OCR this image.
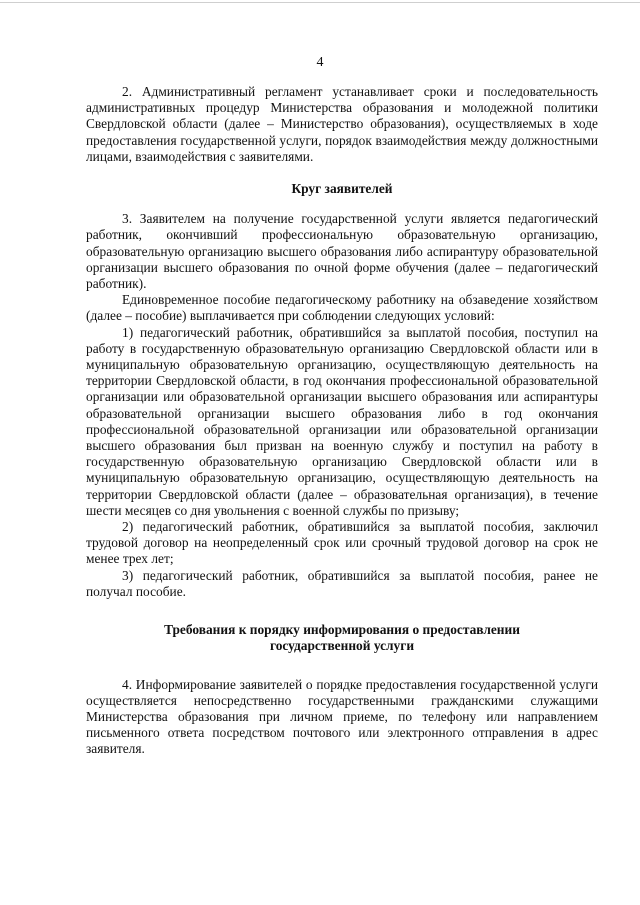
4

2. Административный регламент устанавливает сроки и последовательность административных процедур Министерства образования и молодежной политики Свердловской области (далее – Министерство образования), осуществляемых в ходе предоставления государственной услуги, порядок взаимодействия между должностными лицами, взаимодействия с заявителями.

Круг заявителей

3. Заявителем на получение государственной услуги является педагогический работник, окончивший профессиональную образовательную организацию, образовательную организацию высшего образования либо аспирантуру образовательной организации высшего образования по очной форме обучения (далее – педагогический работник).

Единовременное пособие педагогическому работнику на обзаведение хозяйством (далее – пособие) выплачивается при соблюдении следующих условий:

1) педагогический работник, обратившийся за выплатой пособия, поступил на работу в государственную образовательную организацию Свердловской области или в муниципальную образовательную организацию, осуществляющую деятельность на территории Свердловской области, в год окончания профессиональной образовательной организации или образовательной организации высшего образования или аспирантуры образовательной организации высшего образования либо в год окончания профессиональной образовательной организации или образовательной организации высшего образования был призван на военную службу и поступил на работу в государственную образовательную организацию Свердловской области или в муниципальную образовательную организацию, осуществляющую деятельность на территории Свердловской области (далее – образовательная организация), в течение шести месяцев со дня увольнения с военной службы по призыву;

2) педагогический работник, обратившийся за выплатой пособия, заключил трудовой договор на неопределенный срок или срочный трудовой договор на срок не менее трех лет;

3) педагогический работник, обратившийся за выплатой пособия, ранее не получал пособие.

Требования к порядку информирования о предоставлении
государственной услуги

4. Информирование заявителей о порядке предоставления государственной услуги осуществляется непосредственно государственными гражданскими служащими Министерства образования при личном приеме, по телефону или направлением письменного ответа посредством почтового или электронного отправления в адрес заявителя.
